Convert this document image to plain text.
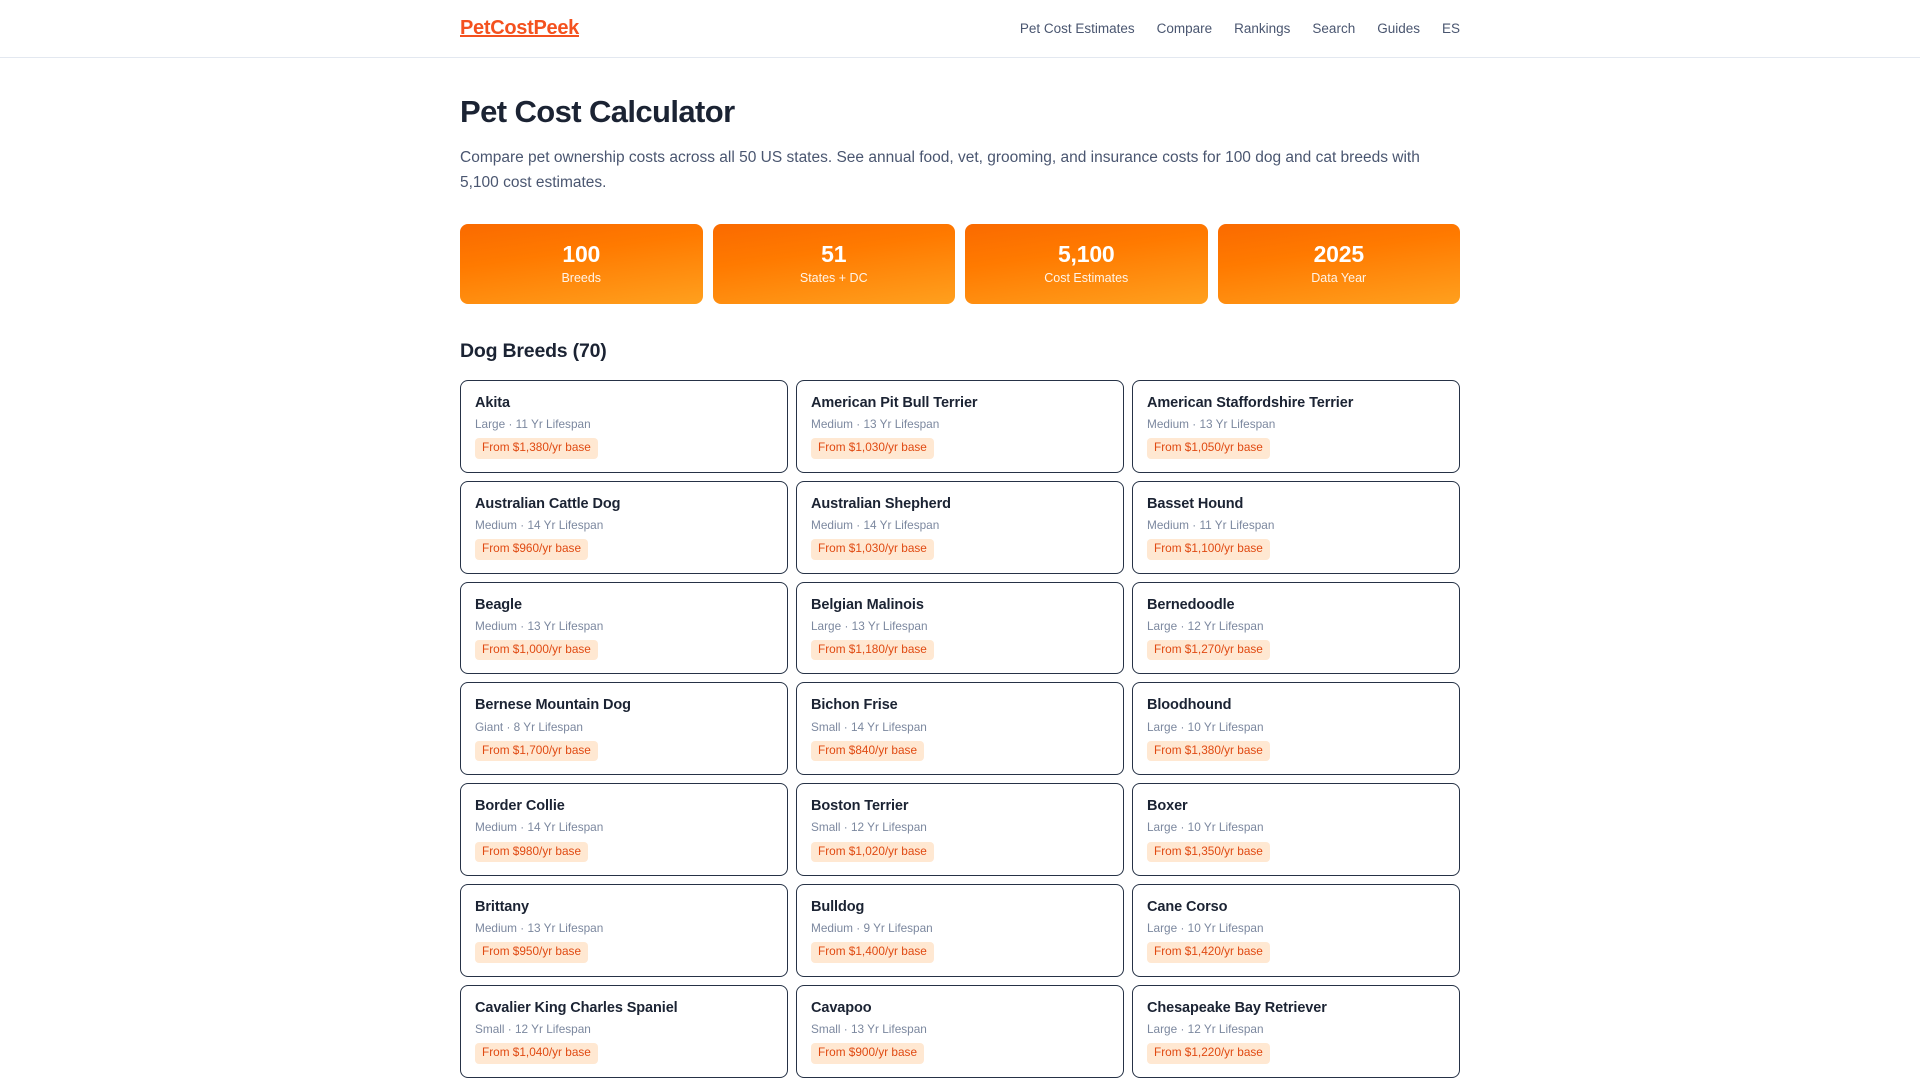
PetCostPeek	Pet Cost Estimates Compare Rankings Search Guides ES
Pet Cost Calculator

Compare pet ownership costs across all 50 US states. See annual food, vet, grooming, and insurance costs for 100 dog and cat breeds with 5,100 cost estimates.

100
Breeds
51
States + DC
5,100
Cost Estimates
2025
Data Year
Dog Breeds (70)
Akita
Large · 11 Yr Lifespan
From $1,380/yr base
American Pit Bull Terrier
Medium · 13 Yr Lifespan
From $1,030/yr base
American Staffordshire Terrier
Medium · 13 Yr Lifespan
From $1,050/yr base
Australian Cattle Dog
Medium · 14 Yr Lifespan
From $960/yr base
Australian Shepherd
Medium · 14 Yr Lifespan
From $1,030/yr base
Basset Hound
Medium · 11 Yr Lifespan
From $1,100/yr base
Beagle
Medium · 13 Yr Lifespan
From $1,000/yr base
Belgian Malinois
Large · 13 Yr Lifespan
From $1,180/yr base
Bernedoodle
Large · 12 Yr Lifespan
From $1,270/yr base
Bernese Mountain Dog
Giant · 8 Yr Lifespan
From $1,700/yr base
Bichon Frise
Small · 14 Yr Lifespan
From $840/yr base
Bloodhound
Large · 10 Yr Lifespan
From $1,380/yr base
Border Collie
Medium · 14 Yr Lifespan
From $980/yr base
Boston Terrier
Small · 12 Yr Lifespan
From $1,020/yr base
Boxer
Large · 10 Yr Lifespan
From $1,350/yr base
Brittany
Medium · 13 Yr Lifespan
From $950/yr base
Bulldog
Medium · 9 Yr Lifespan
From $1,400/yr base
Cane Corso
Large · 10 Yr Lifespan
From $1,420/yr base
Cavalier King Charles Spaniel
Small · 12 Yr Lifespan
From $1,040/yr base
Cavapoo
Small · 13 Yr Lifespan
From $900/yr base
Chesapeake Bay Retriever
Large · 12 Yr Lifespan
From $1,220/yr base
